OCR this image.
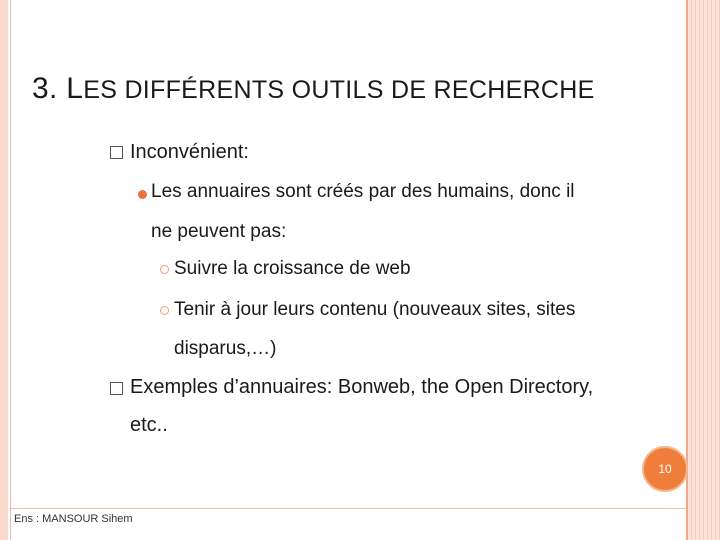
3. LES DIFFÉRENTS OUTILS DE RECHERCHE
Inconvénient:
Les annuaires sont créés par des humains, donc il
ne peuvent pas:
Suivre la croissance de web
Tenir à jour leurs contenu (nouveaux sites, sites
disparus,…)
Exemples d’annuaires: Bonweb, the Open Directory,
etc..
10
Ens : MANSOUR Sihem
